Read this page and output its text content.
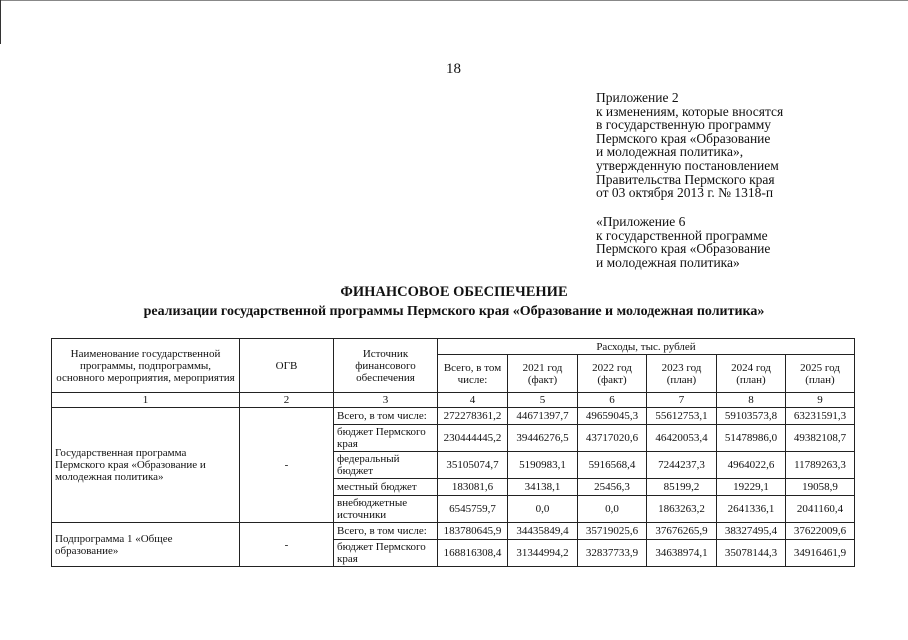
18
Приложение 2
к изменениям, которые вносятся
в государственную программу
Пермского края «Образование
и молодежная политика»,
утвержденную постановлением
Правительства Пермского края
от 03 октября 2013 г. № 1318-п
«Приложение 6
к государственной программе
Пермского края «Образование
и молодежная политика»
ФИНАНСОВОЕ ОБЕСПЕЧЕНИЕ
реализации государственной программы Пермского края «Образование и молодежная политика»
Наименование государственной программы, подпрограммы, основного мероприятия, мероприятия	ОГВ	Источник финансового обеспечения	Расходы, тыс. рублей					
			Всего, в том числе:	2021 год (факт)	2022 год (факт)	2023 год (план)	2024 год (план)	2025 год (план)
1	2	3	4	5	6	7	8	9
Государственная программа Пермского края «Образование и молодежная политика»	-	Всего, в том числе:	272278361,2	44671397,7	49659045,3	55612753,1	59103573,8	63231591,3
		бюджет Пермского края	230444445,2	39446276,5	43717020,6	46420053,4	51478986,0	49382108,7
		федеральный бюджет	35105074,7	5190983,1	5916568,4	7244237,3	4964022,6	11789263,3
		местный бюджет	183081,6	34138,1	25456,3	85199,2	19229,1	19058,9
		внебюджетные источники	6545759,7	0,0	0,0	1863263,2	2641336,1	2041160,4
Подпрограмма 1 «Общее образование»	-	Всего, в том числе:	183780645,9	34435849,4	35719025,6	37676265,9	38327495,4	37622009,6
		бюджет Пермского края	168816308,4	31344994,2	32837733,9	34638974,1	35078144,3	34916461,9
